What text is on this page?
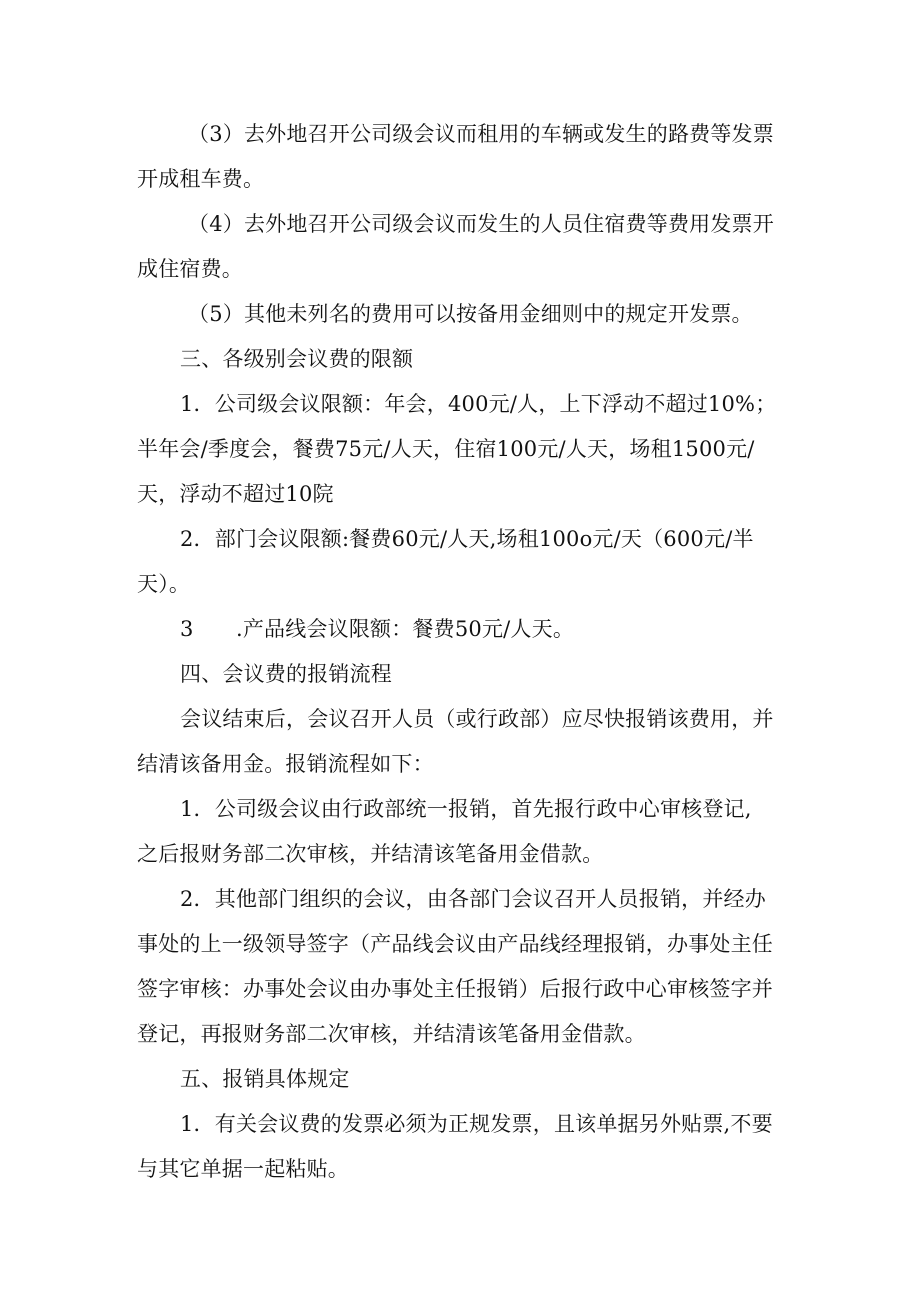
（3）去外地召开公司级会议而租用的车辆或发生的路费等发票
开成租车费。
（4）去外地召开公司级会议而发生的人员住宿费等费用发票开
成住宿费。
（5）其他未列名的费用可以按备用金细则中的规定开发票。
三、各级别会议费的限额
1．公司级会议限额：年会，400元/人，上下浮动不超过10%；
半年会/季度会，餐费75元/人天，住宿100元/人天，场租1500元/
天，浮动不超过10院
2．部门会议限额:餐费60元/人天,场租100o元/天（600元/半
天）。
3　　.产品线会议限额：餐费50元/人天。
四、会议费的报销流程
会议结束后，会议召开人员（或行政部）应尽快报销该费用，并
结清该备用金。报销流程如下：
1．公司级会议由行政部统一报销，首先报行政中心审核登记,
之后报财务部二次审核，并结清该笔备用金借款。
2．其他部门组织的会议，由各部门会议召开人员报销，并经办
事处的上一级领导签字（产品线会议由产品线经理报销，办事处主任
签字审核：办事处会议由办事处主任报销）后报行政中心审核签字并
登记，再报财务部二次审核，并结清该笔备用金借款。
五、报销具体规定
1．有关会议费的发票必须为正规发票，且该单据另外贴票,不要
与其它单据一起粘贴。
